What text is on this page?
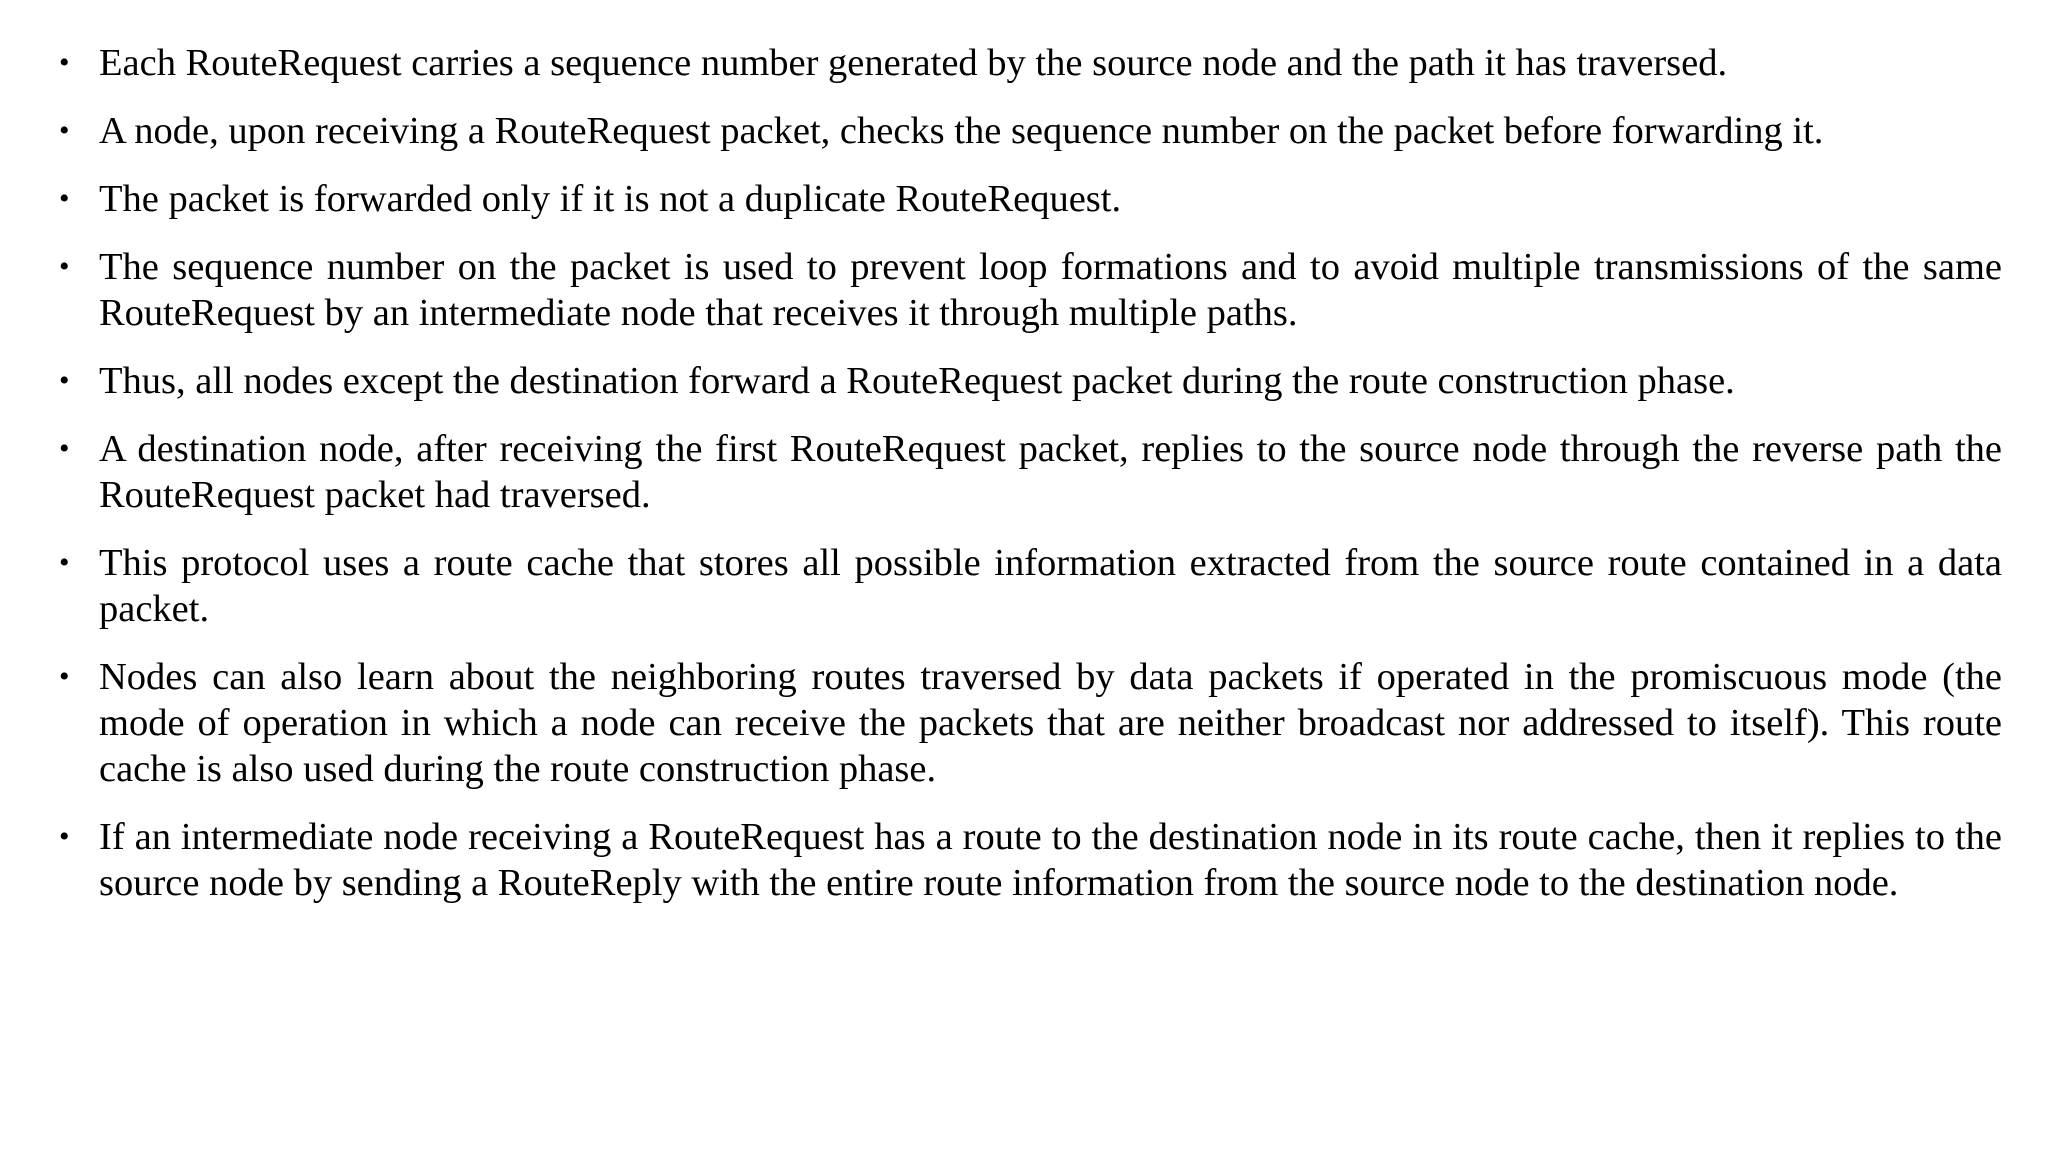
• Each RouteRequest carries a sequence number generated by the source node and the path it has traversed.
• A node, upon receiving a RouteRequest packet, checks the sequence number on the packet before forwarding it.
• The packet is forwarded only if it is not a duplicate RouteRequest.
• The sequence number on the packet is used to prevent loop formations and to avoid multiple transmissions of the same RouteRequest by an intermediate node that receives it through multiple paths.
• Thus, all nodes except the destination forward a RouteRequest packet during the route construction phase.
• A destination node, after receiving the first RouteRequest packet, replies to the source node through the reverse path the RouteRequest packet had traversed.
• This protocol uses a route cache that stores all possible information extracted from the source route contained in a data packet.
• Nodes can also learn about the neighboring routes traversed by data packets if operated in the promiscuous mode (the mode of operation in which a node can receive the packets that are neither broadcast nor addressed to itself). This route cache is also used during the route construction phase.
• If an intermediate node receiving a RouteRequest has a route to the destination node in its route cache, then it replies to the source node by sending a RouteReply with the entire route information from the source node to the destination node.
